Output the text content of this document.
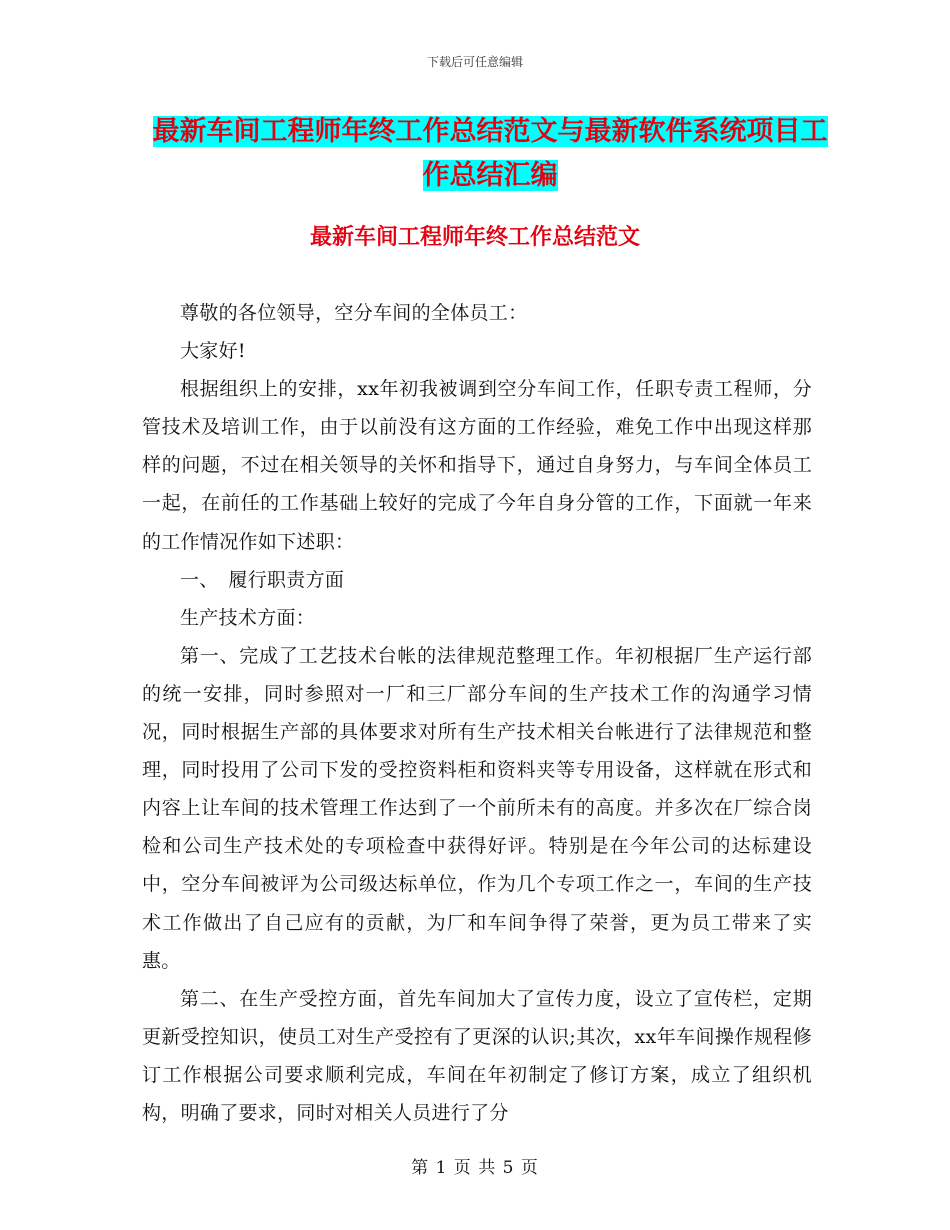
下载后可任意编辑
最新车间工程师年终工作总结范文与最新软件系统项目工作总结汇编
最新车间工程师年终工作总结范文

尊敬的各位领导，空分车间的全体员工：

大家好!

根据组织上的安排，xx年初我被调到空分车间工作，任职专责工程师，分管技术及培训工作，由于以前没有这方面的工作经验，难免工作中出现这样那样的问题，不过在相关领导的关怀和指导下，通过自身努力，与车间全体员工一起，在前任的工作基础上较好的完成了今年自身分管的工作，下面就一年来的工作情况作如下述职：

一、　履行职责方面

生产技术方面：

第一、完成了工艺技术台帐的法律规范整理工作。年初根据厂生产运行部的统一安排，同时参照对一厂和三厂部分车间的生产技术工作的沟通学习情况，同时根据生产部的具体要求对所有生产技术相关台帐进行了法律规范和整理，同时投用了公司下发的受控资料柜和资料夹等专用设备，这样就在形式和内容上让车间的技术管理工作达到了一个前所未有的高度。并多次在厂综合岗检和公司生产技术处的专项检查中获得好评。特别是在今年公司的达标建设中，空分车间被评为公司级达标单位，作为几个专项工作之一，车间的生产技术工作做出了自己应有的贡献，为厂和车间争得了荣誉，更为员工带来了实惠。

第二、在生产受控方面，首先车间加大了宣传力度，设立了宣传栏，定期更新受控知识，使员工对生产受控有了更深的认识;其次，xx年车间操作规程修订工作根据公司要求顺利完成，车间在年初制定了修订方案，成立了组织机构，明确了要求，同时对相关人员进行了分

第 1 页 共 5 页
